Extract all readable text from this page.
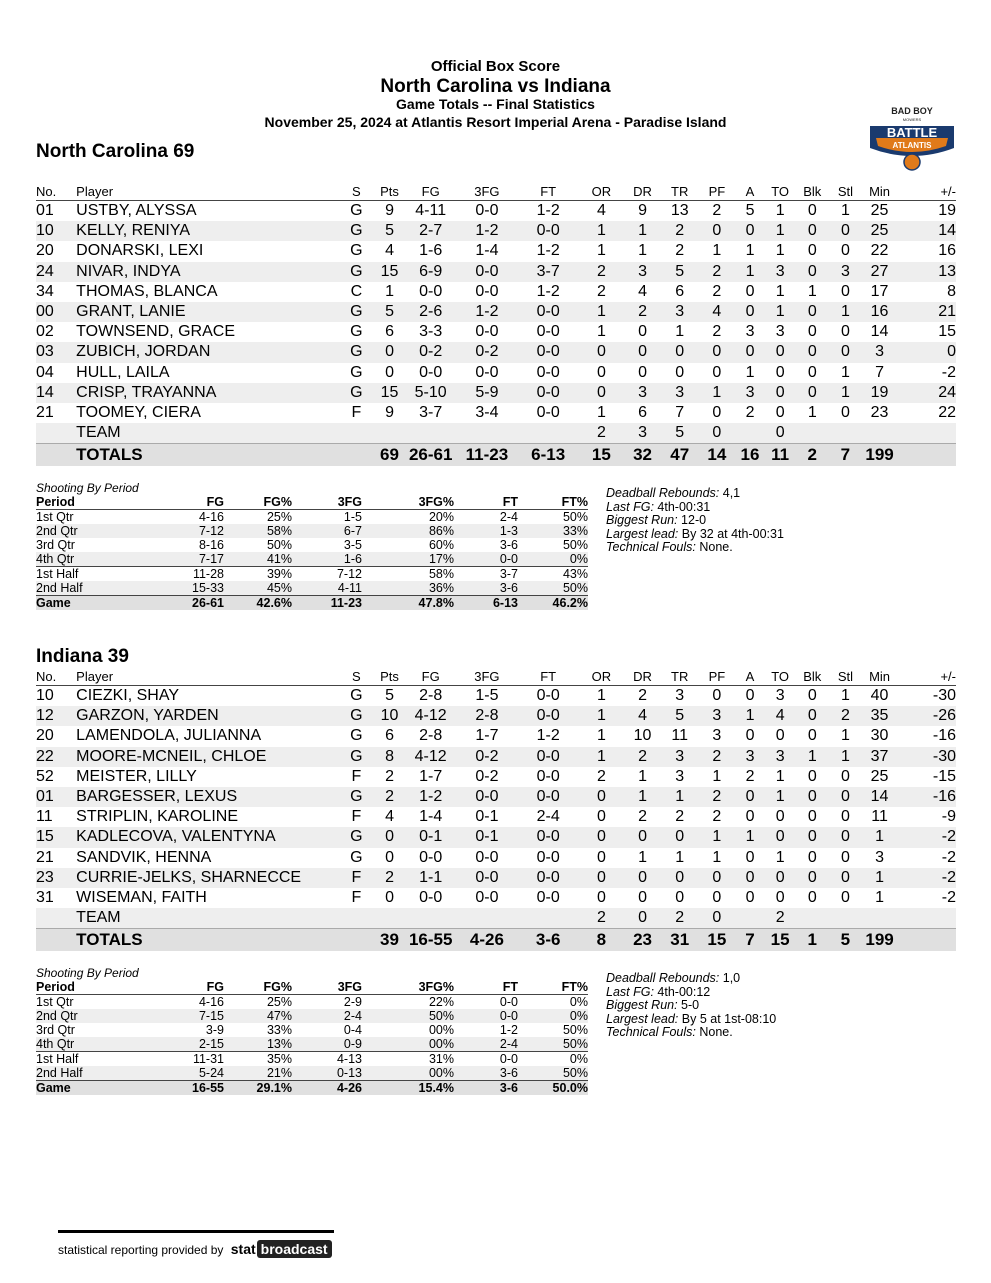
Official Box Score
North Carolina vs Indiana
Game Totals -- Final Statistics
November 25, 2024 at Atlantis Resort Imperial Arena - Paradise Island
BAD BOY
MOWERS
BATTLE
ATLANTIS
North Carolina 69
No.	Player	S	Pts	FG	3FG	FT	OR	DR	TR	PF	A	TO	Blk	Stl	Min	+/-
01	USTBY, ALYSSA	G	9	4-11	0-0	1-2	4	9	13	2	5	1	0	1	25	19
10	KELLY, RENIYA	G	5	2-7	1-2	0-0	1	1	2	0	0	1	0	0	25	14
20	DONARSKI, LEXI	G	4	1-6	1-4	1-2	1	1	2	1	1	1	0	0	22	16
24	NIVAR, INDYA	G	15	6-9	0-0	3-7	2	3	5	2	1	3	0	3	27	13
34	THOMAS, BLANCA	C	1	0-0	0-0	1-2	2	4	6	2	0	1	1	0	17	8
00	GRANT, LANIE	G	5	2-6	1-2	0-0	1	2	3	4	0	1	0	1	16	21
02	TOWNSEND, GRACE	G	6	3-3	0-0	0-0	1	0	1	2	3	3	0	0	14	15
03	ZUBICH, JORDAN	G	0	0-2	0-2	0-0	0	0	0	0	0	0	0	0	3	0
04	HULL, LAILA	G	0	0-0	0-0	0-0	0	0	0	0	1	0	0	1	7	-2
14	CRISP, TRAYANNA	G	15	5-10	5-9	0-0	0	3	3	1	3	0	0	1	19	24
21	TOOMEY, CIERA	F	9	3-7	3-4	0-0	1	6	7	0	2	0	1	0	23	22
	TEAM						2	3	5	0		0				
	TOTALS		69	26-61	11-23	6-13	15	32	47	14	16	11	2	7	199	
Shooting By Period
Period	FG	FG%	3FG	3FG%	FT	FT%
1st Qtr	4-16	25%	1-5	20%	2-4	50%
2nd Qtr	7-12	58%	6-7	86%	1-3	33%
3rd Qtr	8-16	50%	3-5	60%	3-6	50%
4th Qtr	7-17	41%	1-6	17%	0-0	0%
1st Half	11-28	39%	7-12	58%	3-7	43%
2nd Half	15-33	45%	4-11	36%	3-6	50%
Game	26-61	42.6%	11-23	47.8%	6-13	46.2%
Deadball Rebounds: 4,1
Last FG: 4th-00:31
Biggest Run: 12-0
Largest lead: By 32 at 4th-00:31
Technical Fouls: None.
Indiana 39
No.	Player	S	Pts	FG	3FG	FT	OR	DR	TR	PF	A	TO	Blk	Stl	Min	+/-
10	CIEZKI, SHAY	G	5	2-8	1-5	0-0	1	2	3	0	0	3	0	1	40	-30
12	GARZON, YARDEN	G	10	4-12	2-8	0-0	1	4	5	3	1	4	0	2	35	-26
20	LAMENDOLA, JULIANNA	G	6	2-8	1-7	1-2	1	10	11	3	0	0	0	1	30	-16
22	MOORE-MCNEIL, CHLOE	G	8	4-12	0-2	0-0	1	2	3	2	3	3	1	1	37	-30
52	MEISTER, LILLY	F	2	1-7	0-2	0-0	2	1	3	1	2	1	0	0	25	-15
01	BARGESSER, LEXUS	G	2	1-2	0-0	0-0	0	1	1	2	0	1	0	0	14	-16
11	STRIPLIN, KAROLINE	F	4	1-4	0-1	2-4	0	2	2	2	0	0	0	0	11	-9
15	KADLECOVA, VALENTYNA	G	0	0-1	0-1	0-0	0	0	0	1	1	0	0	0	1	-2
21	SANDVIK, HENNA	G	0	0-0	0-0	0-0	0	1	1	1	0	1	0	0	3	-2
23	CURRIE-JELKS, SHARNECCE	F	2	1-1	0-0	0-0	0	0	0	0	0	0	0	0	1	-2
31	WISEMAN, FAITH	F	0	0-0	0-0	0-0	0	0	0	0	0	0	0	0	1	-2
	TEAM						2	0	2	0		2				
	TOTALS		39	16-55	4-26	3-6	8	23	31	15	7	15	1	5	199	
Shooting By Period
Period	FG	FG%	3FG	3FG%	FT	FT%
1st Qtr	4-16	25%	2-9	22%	0-0	0%
2nd Qtr	7-15	47%	2-4	50%	0-0	0%
3rd Qtr	3-9	33%	0-4	00%	1-2	50%
4th Qtr	2-15	13%	0-9	00%	2-4	50%
1st Half	11-31	35%	4-13	31%	0-0	0%
2nd Half	5-24	21%	0-13	00%	3-6	50%
Game	16-55	29.1%	4-26	15.4%	3-6	50.0%
Deadball Rebounds: 1,0
Last FG: 4th-00:12
Biggest Run: 5-0
Largest lead: By 5 at 1st-08:10
Technical Fouls: None.
statistical reporting provided by stat broadcast
